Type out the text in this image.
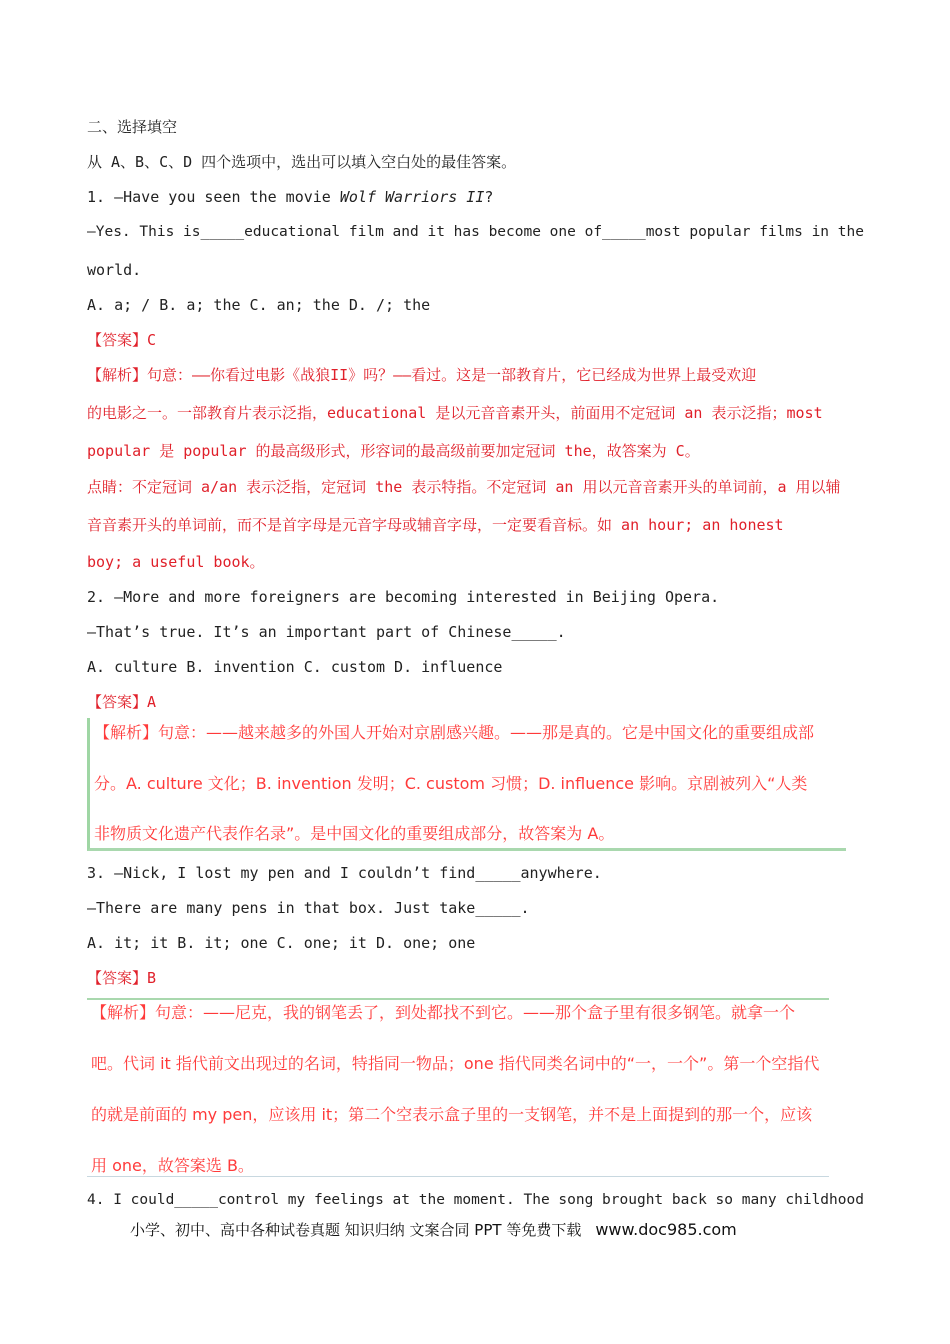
二、选择填空
从 A、B、C、D 四个选项中，选出可以填入空白处的最佳答案。
1. —Have you seen the movie Wolf Warriors II?
—Yes. This is_____educational film and it has become one of_____most popular films in the
world.
A. a; / B. a; the C. an; the D. /; the
【答案】C
【解析】句意：——你看过电影《战狼II》吗？——看过。这是一部教育片，它已经成为世界上最受欢迎
的电影之一。一部教育片表示泛指，educational 是以元音音素开头，前面用不定冠词 an 表示泛指；most
popular 是 popular 的最高级形式，形容词的最高级前要加定冠词 the，故答案为 C。
点睛：不定冠词 a/an 表示泛指，定冠词 the 表示特指。不定冠词 an 用以元音音素开头的单词前，a 用以辅
音音素开头的单词前，而不是首字母是元音字母或辅音字母，一定要看音标。如 an hour; an honest
boy; a useful book。
2. —More and more foreigners are becoming interested in Beijing Opera.
—That’s true. It’s an important part of Chinese_____.
A. culture B. invention C. custom D. influence
【答案】A
【解析】句意：——越来越多的外国人开始对京剧感兴趣。——那是真的。它是中国文化的重要组成部
分。A. culture 文化；B. invention 发明；C. custom 习惯；D. influence 影响。京剧被列入“人类
非物质文化遗产代表作名录”。是中国文化的重要组成部分，故答案为 A。
3. —Nick, I lost my pen and I couldn’t find_____anywhere.
—There are many pens in that box. Just take_____.
A. it; it B. it; one C. one; it D. one; one
【答案】B
【解析】句意：——尼克，我的钢笔丢了，到处都找不到它。——那个盒子里有很多钢笔。就拿一个
吧。代词 it 指代前文出现过的名词，特指同一物品；one 指代同类名词中的“一，一个”。第一个空指代
的就是前面的 my pen，应该用 it；第二个空表示盒子里的一支钢笔，并不是上面提到的那一个，应该
用 one，故答案选 B。
4. I could_____control my feelings at the moment. The song brought back so many childhood
小学、初中、高中各种试卷真题 知识归纳 文案合同 PPT 等免费下载 www.doc985.com
